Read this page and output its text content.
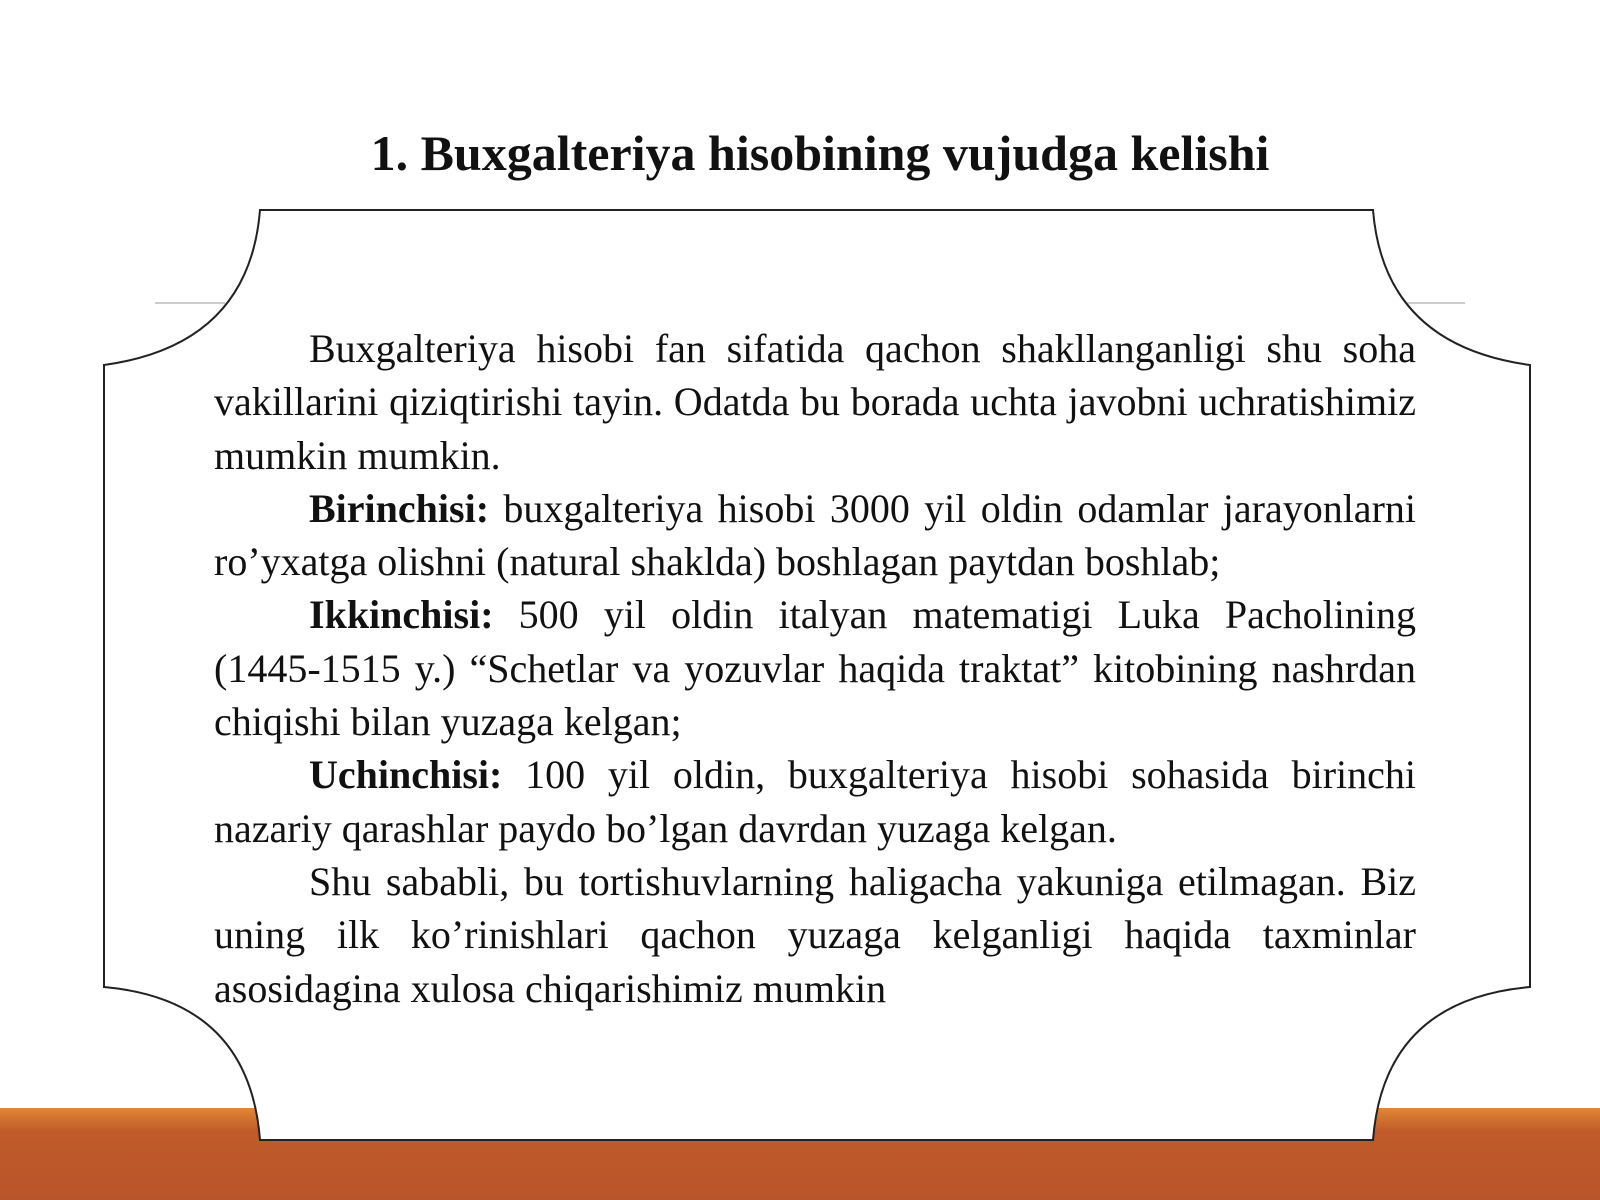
1. Buxgalteriya hisobining vujudga kelishi

Buxgalteriya hisobi fan sifatida qachon shakllanganligi shu soha vakillarini qiziqtirishi tayin. Odatda bu borada uchta javobni uchratishimiz mumkin mumkin.

Birinchisi: buxgalteriya hisobi 3000 yil oldin odamlar jarayonlarni ro’yxatga olishni (natural shaklda) boshlagan paytdan boshlab;

Ikkinchisi: 500 yil oldin italyan matematigi Luka Pacholining (1445-1515 y.) “Schetlar va yozuvlar haqida traktat” kitobining nashrdan chiqishi bilan yuzaga kelgan;

Uchinchisi: 100 yil oldin, buxgalteriya hisobi sohasida birinchi nazariy qarashlar paydo bo’lgan davrdan yuzaga kelgan.

Shu sababli, bu tortishuvlarning haligacha yakuniga etilmagan. Biz uning ilk ko’rinishlari qachon yuzaga kelganligi haqida taxminlar asosidagina xulosa chiqarishimiz mumkin
